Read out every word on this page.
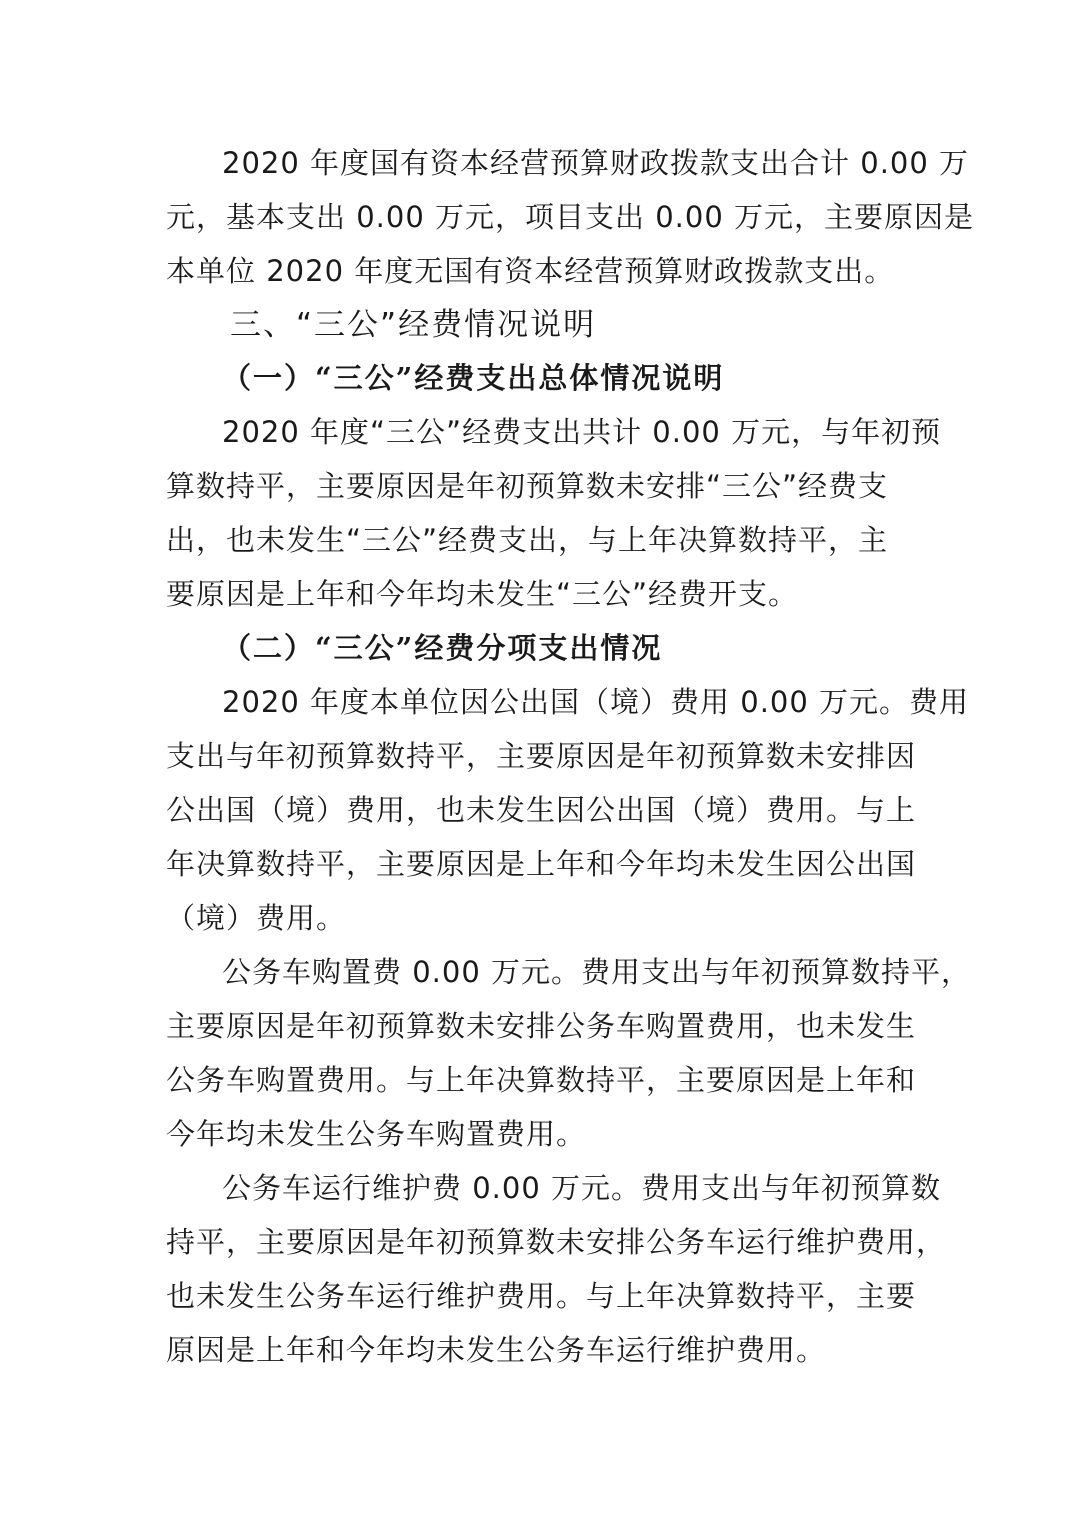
2020 年度国有资本经营预算财政拨款支出合计 0.00 万
元，基本支出 0.00 万元，项目支出 0.00 万元，主要原因是
本单位 2020 年度无国有资本经营预算财政拨款支出。
三、“三公”经费情况说明
（一）“三公”经费支出总体情况说明
2020 年度“三公”经费支出共计 0.00 万元，与年初预
算数持平，主要原因是年初预算数未安排“三公”经费支
出，也未发生“三公”经费支出，与上年决算数持平，主
要原因是上年和今年均未发生“三公”经费开支。
（二）“三公”经费分项支出情况
2020 年度本单位因公出国（境）费用 0.00 万元。费用
支出与年初预算数持平，主要原因是年初预算数未安排因
公出国（境）费用，也未发生因公出国（境）费用。与上
年决算数持平，主要原因是上年和今年均未发生因公出国
（境）费用。
公务车购置费 0.00 万元。费用支出与年初预算数持平，
主要原因是年初预算数未安排公务车购置费用，也未发生
公务车购置费用。与上年决算数持平，主要原因是上年和
今年均未发生公务车购置费用。
公务车运行维护费 0.00 万元。费用支出与年初预算数
持平，主要原因是年初预算数未安排公务车运行维护费用，
也未发生公务车运行维护费用。与上年决算数持平，主要
原因是上年和今年均未发生公务车运行维护费用。
